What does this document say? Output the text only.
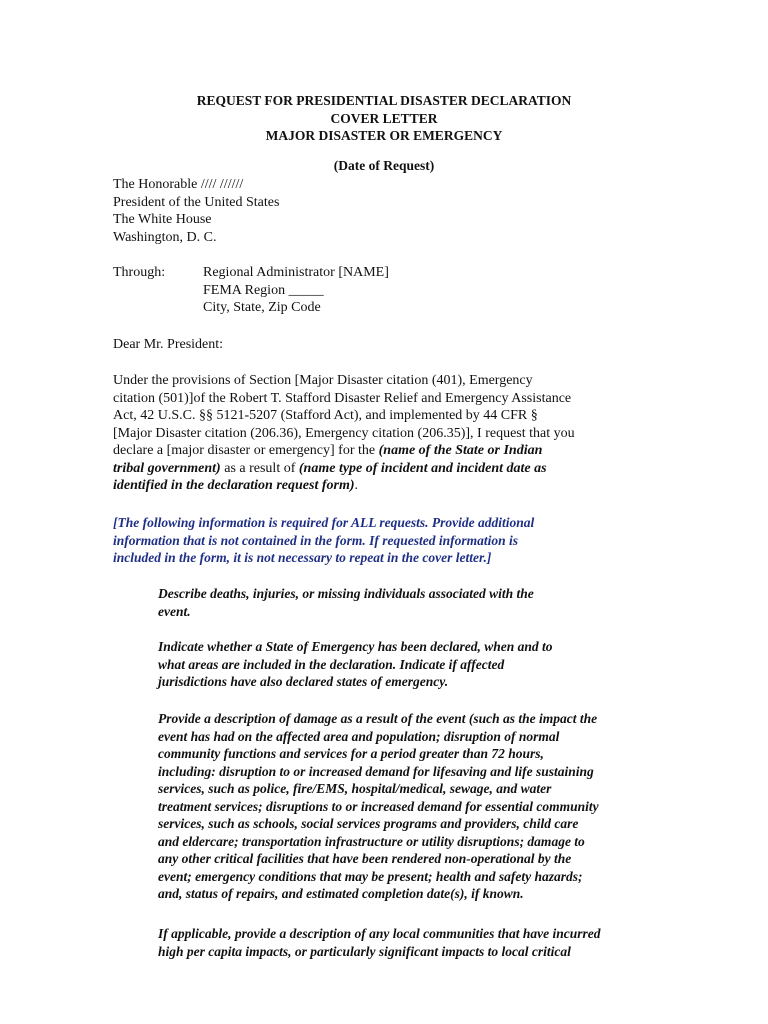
REQUEST FOR PRESIDENTIAL DISASTER DECLARATION
COVER LETTER
MAJOR DISASTER OR EMERGENCY
(Date of Request)
The Honorable //// //////
President of the United States
The White House
Washington, D. C.
Through:	Regional Administrator [NAME]
FEMA Region _____
City, State, Zip Code
Dear Mr. President:
Under the provisions of Section [Major Disaster citation (401), Emergency
citation (501)]of the Robert T. Stafford Disaster Relief and Emergency Assistance
Act, 42 U.S.C. §§ 5121-5207 (Stafford Act), and implemented by 44 CFR §
[Major Disaster citation (206.36), Emergency citation (206.35)], I request that you
declare a [major disaster or emergency] for the (name of the State or Indian
tribal government) as a result of (name type of incident and incident date as
identified in the declaration request form).
[The following information is required for ALL requests. Provide additional
information that is not contained in the form. If requested information is
included in the form, it is not necessary to repeat in the cover letter.]
Describe deaths, injuries, or missing individuals associated with the
event.
Indicate whether a State of Emergency has been declared, when and to
what areas are included in the declaration. Indicate if affected
jurisdictions have also declared states of emergency.
Provide a description of damage as a result of the event (such as the impact the
event has had on the affected area and population; disruption of normal
community functions and services for a period greater than 72 hours,
including: disruption to or increased demand for lifesaving and life sustaining
services, such as police, fire/EMS, hospital/medical, sewage, and water
treatment services; disruptions to or increased demand for essential community
services, such as schools, social services programs and providers, child care
and eldercare; transportation infrastructure or utility disruptions; damage to
any other critical facilities that have been rendered non-operational by the
event; emergency conditions that may be present; health and safety hazards;
and, status of repairs, and estimated completion date(s), if known.
If applicable, provide a description of any local communities that have incurred
high per capita impacts, or particularly significant impacts to local critical
